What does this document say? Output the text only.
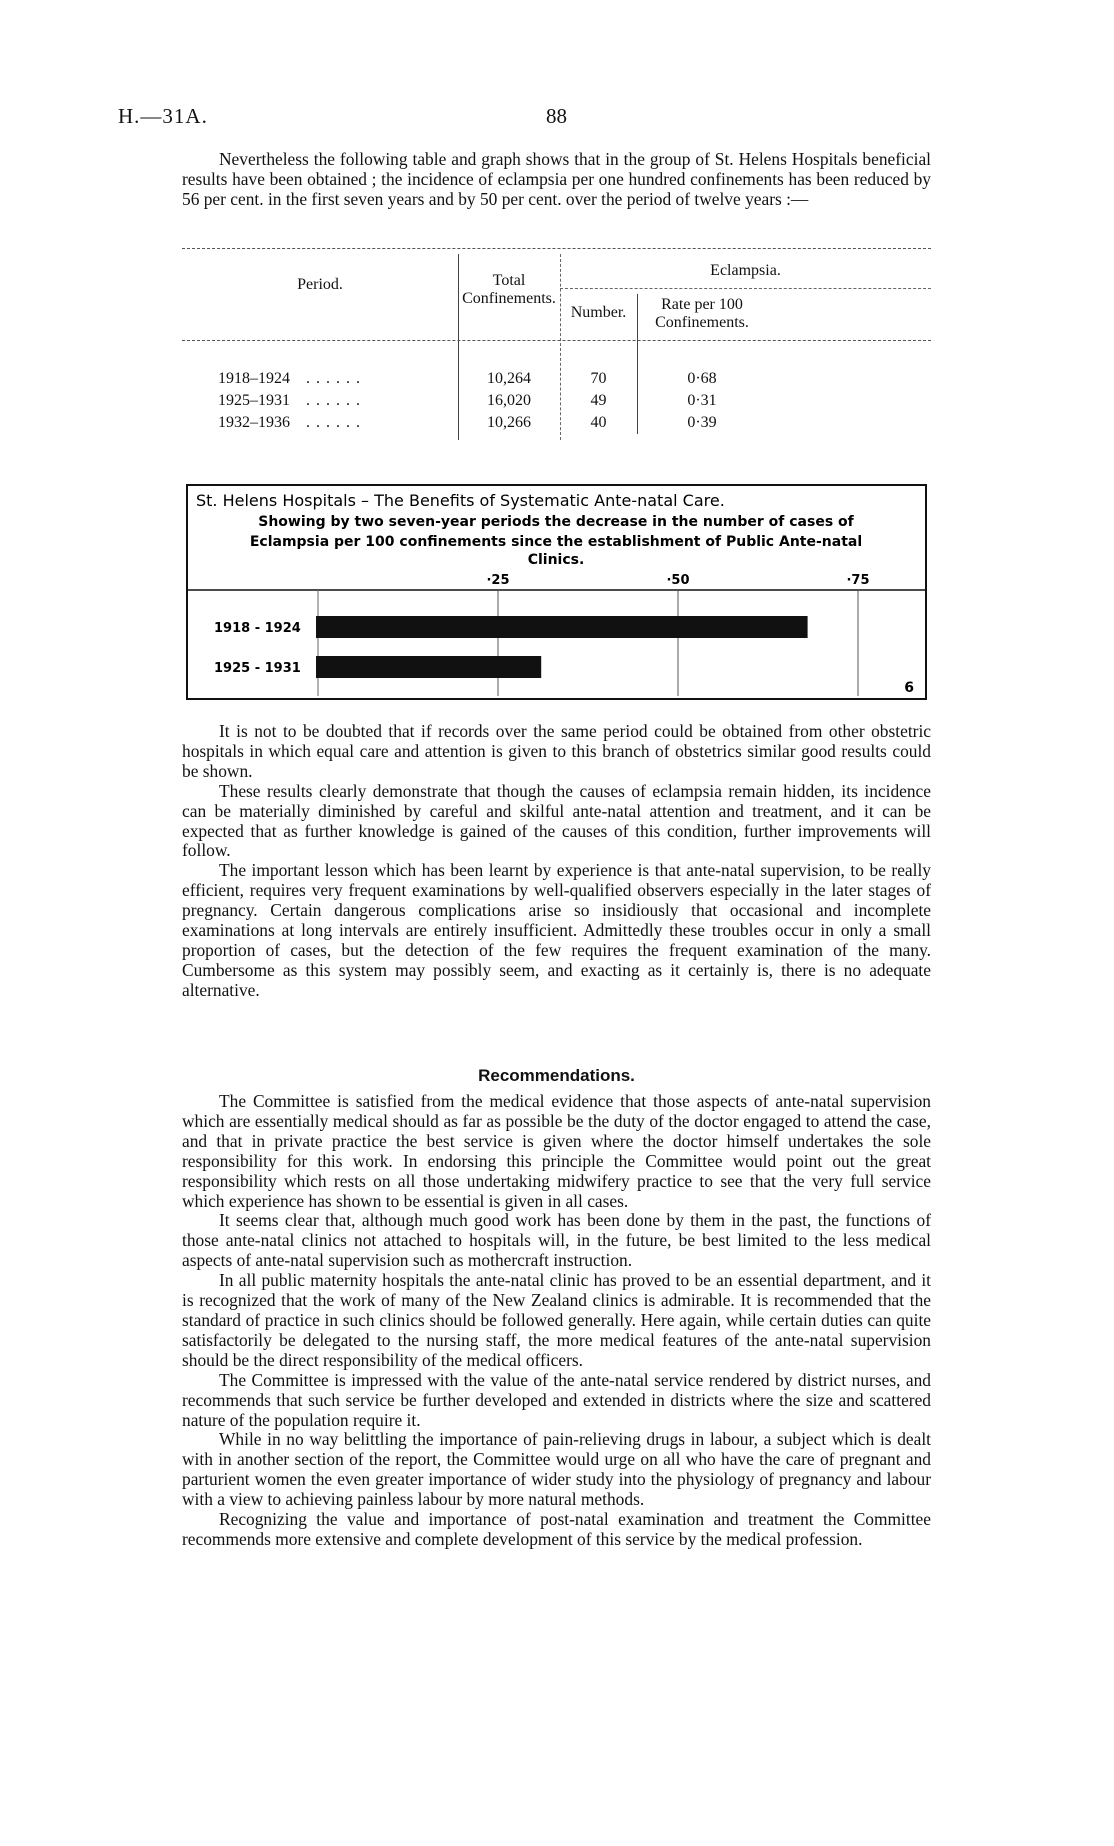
H.—31A.	88

Nevertheless the following table and graph shows that in the group of St. Helens Hospitals beneficial results have been obtained ; the incidence of eclampsia per one hundred confinements has been reduced by 56 per cent. in the first seven years and by 50 per cent. over the period of twelve years :—

Period.	Total
Confinements.
Eclampsia.
Number.	Rate per 100
Confinements.
1918–1924 . . . . . .	10,264	70	0·68
1925–1931 . . . . . .	16,020	49	0·31
1932–1936 . . . . . .	10,266	40	0·39
St. Helens Hospitals – The Benefits of Systematic Ante-natal Care.
Showing by two seven-year periods the decrease in the number of cases of
Eclampsia per 100 confinements since the establishment of Public Ante-natal
Clinics.
·25	·50	·75
1918 - 1924
1925 - 1931
6

It is not to be doubted that if records over the same period could be obtained from other obstetric hospitals in which equal care and attention is given to this branch of obstetrics similar good results could be shown.

These results clearly demonstrate that though the causes of eclampsia remain hidden, its incidence can be materially diminished by careful and skilful ante-natal attention and treatment, and it can be expected that as further knowledge is gained of the causes of this condition, further improvements will follow.

The important lesson which has been learnt by experience is that ante-natal supervision, to be really efficient, requires very frequent examinations by well-qualified observers especially in the later stages of pregnancy. Certain dangerous complications arise so insidiously that occasional and incomplete examinations at long intervals are entirely insufficient. Admittedly these troubles occur in only a small proportion of cases, but the detection of the few requires the frequent examination of the many. Cumbersome as this system may possibly seem, and exacting as it certainly is, there is no adequate alternative.

Recommendations.

The Committee is satisfied from the medical evidence that those aspects of ante-natal supervision which are essentially medical should as far as possible be the duty of the doctor engaged to attend the case, and that in private practice the best service is given where the doctor himself undertakes the sole responsibility for this work. In endorsing this principle the Committee would point out the great responsibility which rests on all those undertaking midwifery practice to see that the very full service which experience has shown to be essential is given in all cases.

It seems clear that, although much good work has been done by them in the past, the functions of those ante-natal clinics not attached to hospitals will, in the future, be best limited to the less medical aspects of ante-natal supervision such as mothercraft instruction.

In all public maternity hospitals the ante-natal clinic has proved to be an essential department, and it is recognized that the work of many of the New Zealand clinics is admirable. It is recommended that the standard of practice in such clinics should be followed generally. Here again, while certain duties can quite satisfactorily be delegated to the nursing staff, the more medical features of the ante-natal supervision should be the direct responsibility of the medical officers.

The Committee is impressed with the value of the ante-natal service rendered by district nurses, and recommends that such service be further developed and extended in districts where the size and scattered nature of the population require it.

While in no way belittling the importance of pain-relieving drugs in labour, a subject which is dealt with in another section of the report, the Committee would urge on all who have the care of pregnant and parturient women the even greater importance of wider study into the physiology of pregnancy and labour with a view to achieving painless labour by more natural methods.

Recognizing the value and importance of post-natal examination and treatment the Committee recommends more extensive and complete development of this service by the medical profession.
